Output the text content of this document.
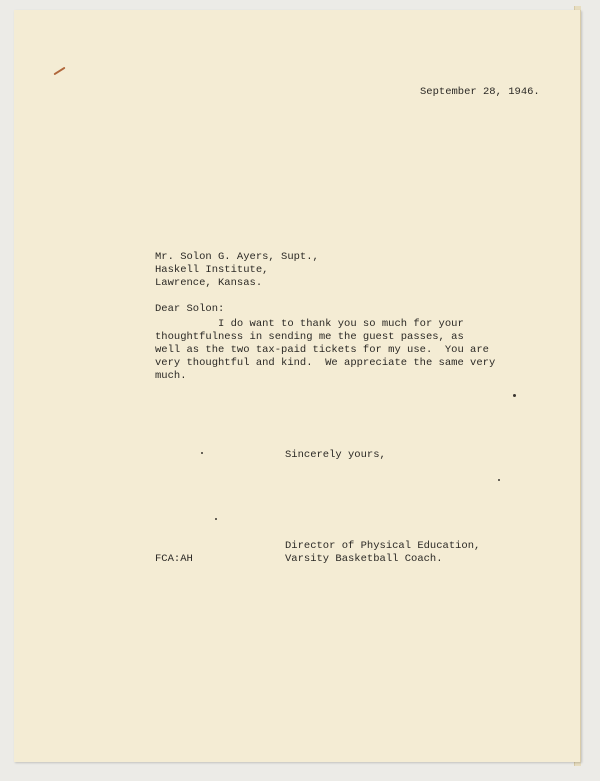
September 28, 1946.

Mr. Solon G. Ayers, Supt.,
Haskell Institute,
Lawrence, Kansas.

Dear Solon:

I do want to thank you so much for your
thoughtfulness in sending me the guest passes, as
well as the two tax-paid tickets for my use.  You are
very thoughtful and kind.  We appreciate the same very
much.

Sincerely yours,

Director of Physical Education,
Varsity Basketball Coach.

FCA:AH
